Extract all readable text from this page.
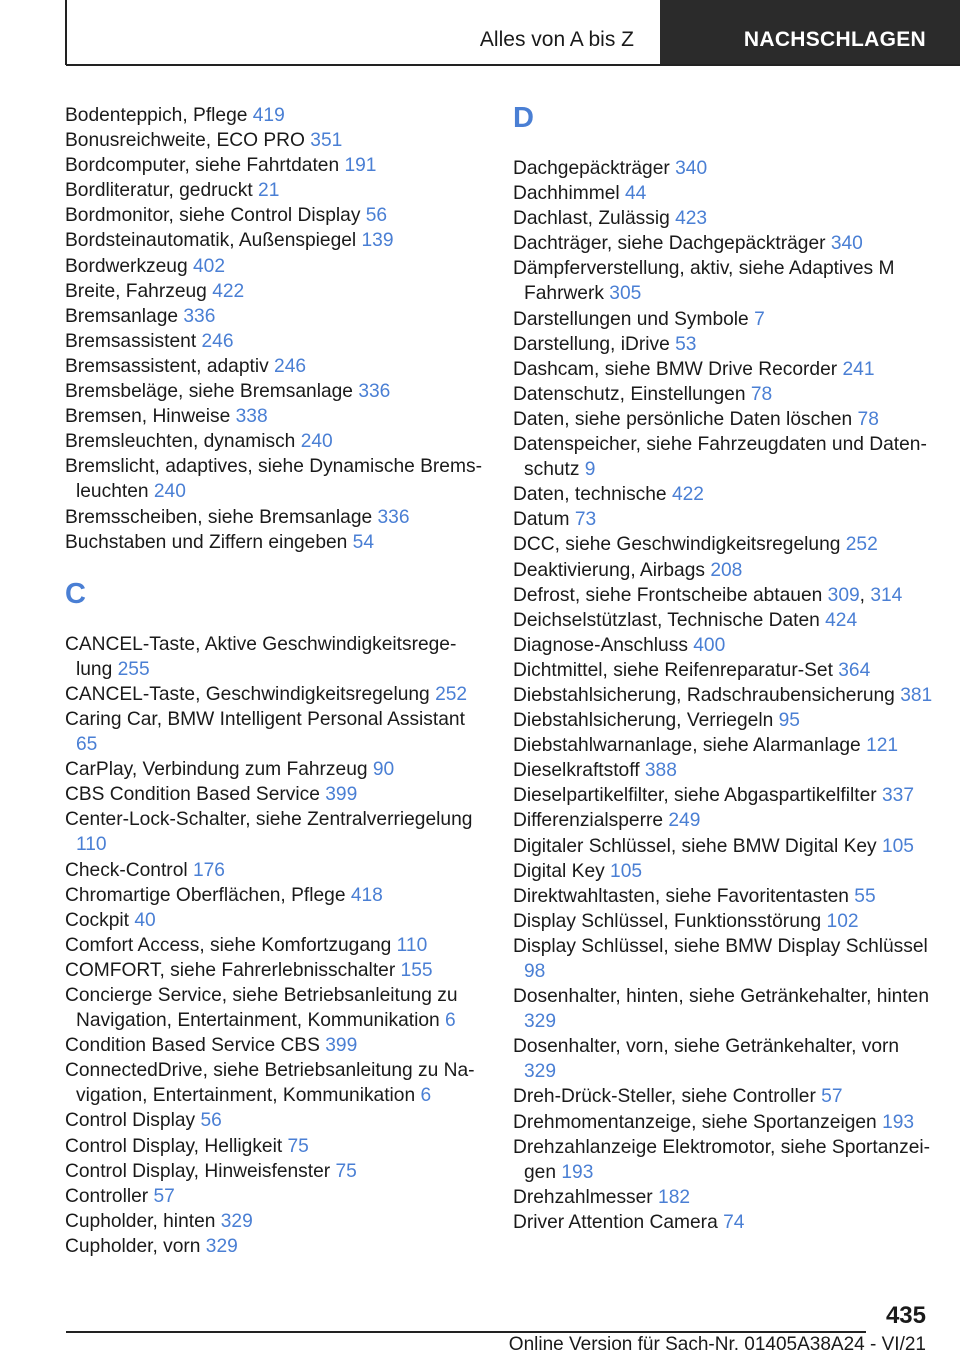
Alles von A bis Z	NACHSCHLAGEN
Bodenteppich, Pflege 419
Bonusreichweite, ECO PRO 351
Bordcomputer, siehe Fahrtdaten 191
Bordliteratur, gedruckt 21
Bordmonitor, siehe Control Display 56
Bordsteinautomatik, Außenspiegel 139
Bordwerkzeug 402
Breite, Fahrzeug 422
Bremsanlage 336
Bremsassistent 246
Bremsassistent, adaptiv 246
Bremsbeläge, siehe Bremsanlage 336
Bremsen, Hinweise 338
Bremsleuchten, dynamisch 240
Bremslicht, adaptives, siehe Dynamische Bremsleuchten 240
Bremsscheiben, siehe Bremsanlage 336
Buchstaben und Ziffern eingeben 54
C
CANCEL-Taste, Aktive Geschwindigkeitsregelung 255
CANCEL-Taste, Geschwindigkeitsregelung 252
Caring Car, BMW Intelligent Personal Assistant 65
CarPlay, Verbindung zum Fahrzeug 90
CBS Condition Based Service 399
Center-Lock-Schalter, siehe Zentralverriegelung 110
Check-Control 176
Chromartige Oberflächen, Pflege 418
Cockpit 40
Comfort Access, siehe Komfortzugang 110
COMFORT, siehe Fahrerlebnisschalter 155
Concierge Service, siehe Betriebsanleitung zu Navigation, Entertainment, Kommunikation 6
Condition Based Service CBS 399
ConnectedDrive, siehe Betriebsanleitung zu Navigation, Entertainment, Kommunikation 6
Control Display 56
Control Display, Helligkeit 75
Control Display, Hinweisfenster 75
Controller 57
Cupholder, hinten 329
Cupholder, vorn 329
D
Dachgepäckträger 340
Dachhimmel 44
Dachlast, Zulässig 423
Dachträger, siehe Dachgepäckträger 340
Dämpferverstellung, aktiv, siehe Adaptives M Fahrwerk 305
Darstellungen und Symbole 7
Darstellung, iDrive 53
Dashcam, siehe BMW Drive Recorder 241
Datenschutz, Einstellungen 78
Daten, siehe persönliche Daten löschen 78
Datenspeicher, siehe Fahrzeugdaten und Datenschutz 9
Daten, technische 422
Datum 73
DCC, siehe Geschwindigkeitsregelung 252
Deaktivierung, Airbags 208
Defrost, siehe Frontscheibe abtauen 309, 314
Deichselstützlast, Technische Daten 424
Diagnose-Anschluss 400
Dichtmittel, siehe Reifenreparatur-Set 364
Diebstahlsicherung, Radschraubensicherung 381
Diebstahlsicherung, Verriegeln 95
Diebstahlwarnanlage, siehe Alarmanlage 121
Dieselkraftstoff 388
Dieselpartikelfilter, siehe Abgaspartikelfilter 337
Differenzialsperre 249
Digitaler Schlüssel, siehe BMW Digital Key 105
Digital Key 105
Direktwahltasten, siehe Favoritentasten 55
Display Schlüssel, Funktionsstörung 102
Display Schlüssel, siehe BMW Display Schlüssel 98
Dosenhalter, hinten, siehe Getränkehalter, hinten 329
Dosenhalter, vorn, siehe Getränkehalter, vorn 329
Dreh-Drück-Steller, siehe Controller 57
Drehmomentanzeige, siehe Sportanzeigen 193
Drehzahlanzeige Elektromotor, siehe Sportanzeigen 193
Drehzahlmesser 182
Driver Attention Camera 74
435
Online Version für Sach-Nr. 01405A38A24 - VI/21
